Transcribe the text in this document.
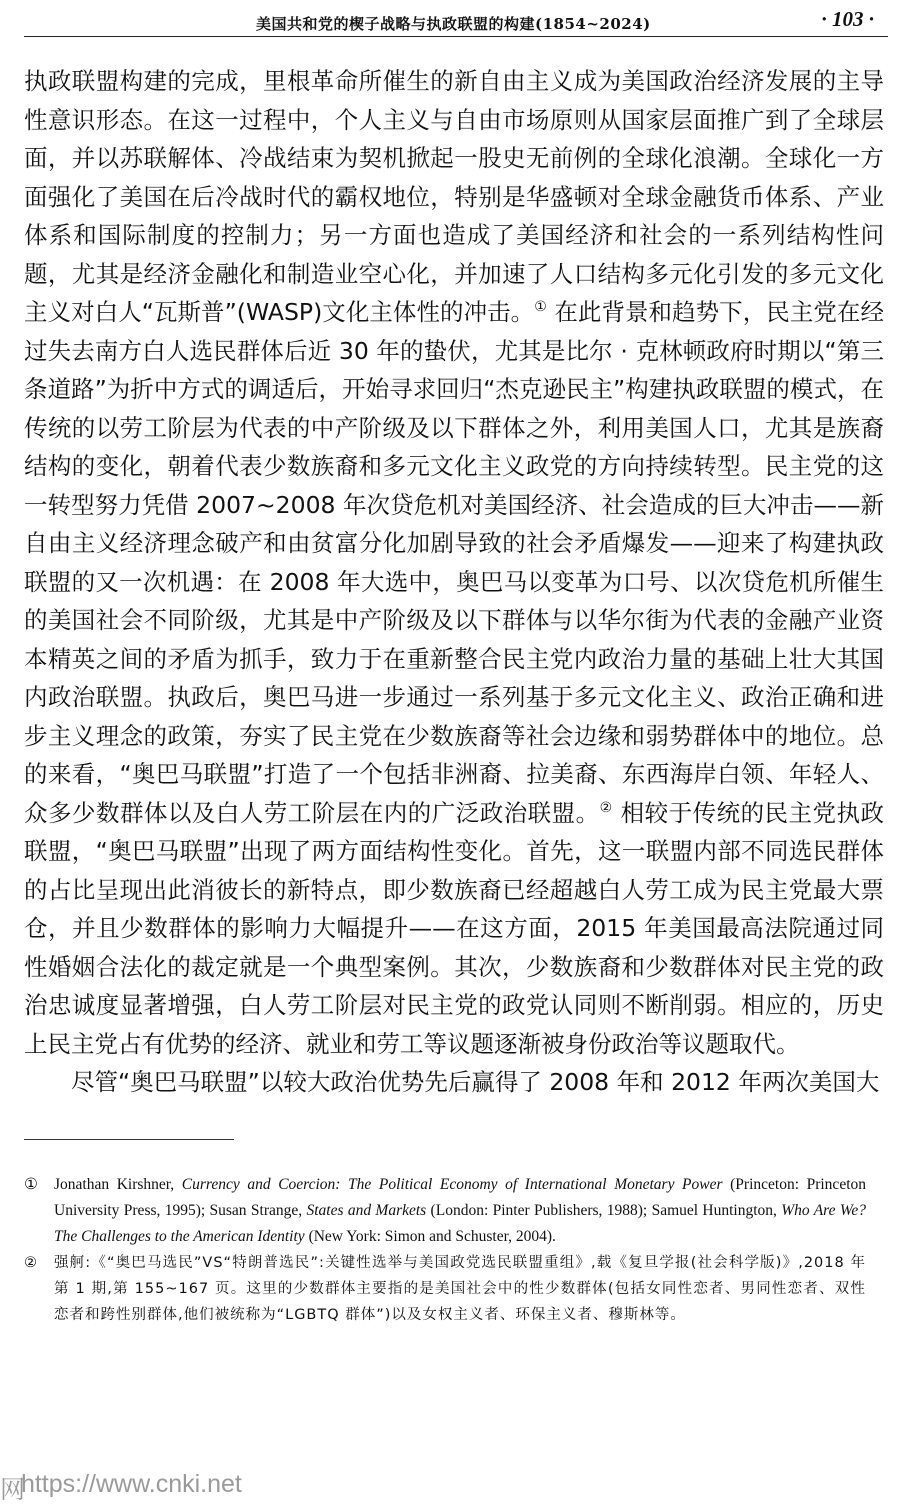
美国共和党的楔子战略与执政联盟的构建(1854~2024)	· 103 ·

执政联盟构建的完成，里根革命所催生的新自由主义成为美国政治经济发展的主导性意识形态。在这一过程中，个人主义与自由市场原则从国家层面推广到了全球层面，并以苏联解体、冷战结束为契机掀起一股史无前例的全球化浪潮。全球化一方面强化了美国在后冷战时代的霸权地位，特别是华盛顿对全球金融货币体系、产业体系和国际制度的控制力；另一方面也造成了美国经济和社会的一系列结构性问题，尤其是经济金融化和制造业空心化，并加速了人口结构多元化引发的多元文化主义对白人“瓦斯普”(WASP)文化主体性的冲击。① 在此背景和趋势下，民主党在经过失去南方白人选民群体后近 30 年的蛰伏，尤其是比尔 · 克林顿政府时期以“第三条道路”为折中方式的调适后，开始寻求回归“杰克逊民主”构建执政联盟的模式，在传统的以劳工阶层为代表的中产阶级及以下群体之外，利用美国人口，尤其是族裔结构的变化，朝着代表少数族裔和多元文化主义政党的方向持续转型。民主党的这一转型努力凭借 2007~2008 年次贷危机对美国经济、社会造成的巨大冲击——新自由主义经济理念破产和由贫富分化加剧导致的社会矛盾爆发——迎来了构建执政联盟的又一次机遇：在 2008 年大选中，奥巴马以变革为口号、以次贷危机所催生的美国社会不同阶级，尤其是中产阶级及以下群体与以华尔街为代表的金融产业资本精英之间的矛盾为抓手，致力于在重新整合民主党内政治力量的基础上壮大其国内政治联盟。执政后，奥巴马进一步通过一系列基于多元文化主义、政治正确和进步主义理念的政策，夯实了民主党在少数族裔等社会边缘和弱势群体中的地位。总的来看，“奥巴马联盟”打造了一个包括非洲裔、拉美裔、东西海岸白领、年轻人、众多少数群体以及白人劳工阶层在内的广泛政治联盟。② 相较于传统的民主党执政联盟，“奥巴马联盟”出现了两方面结构性变化。首先，这一联盟内部不同选民群体的占比呈现出此消彼长的新特点，即少数族裔已经超越白人劳工成为民主党最大票仓，并且少数群体的影响力大幅提升——在这方面，2015 年美国最高法院通过同性婚姻合法化的裁定就是一个典型案例。其次，少数族裔和少数群体对民主党的政治忠诚度显著增强，白人劳工阶层对民主党的政党认同则不断削弱。相应的，历史上民主党占有优势的经济、就业和劳工等议题逐渐被身份政治等议题取代。

尽管“奥巴马联盟”以较大政治优势先后赢得了 2008 年和 2012 年两次美国大

① Jonathan Kirshner, Currency and Coercion: The Political Economy of International Monetary Power (Princeton: Princeton University Press, 1995); Susan Strange, States and Markets (London: Pinter Publishers, 1988); Samuel Huntington, Who Are We? The Challenges to the American Identity (New York: Simon and Schuster, 2004).

② 强舸:《“奥巴马选民”VS“特朗普选民”:关键性选举与美国政党选民联盟重组》,载《复旦学报(社会科学版)》,2018 年第 1 期,第 155~167 页。这里的少数群体主要指的是美国社会中的性少数群体(包括女同性恋者、男同性恋者、双性恋者和跨性别群体,他们被统称为“LGBTQ 群体”)以及女权主义者、环保主义者、穆斯林等。

网 https://www.cnki.net
